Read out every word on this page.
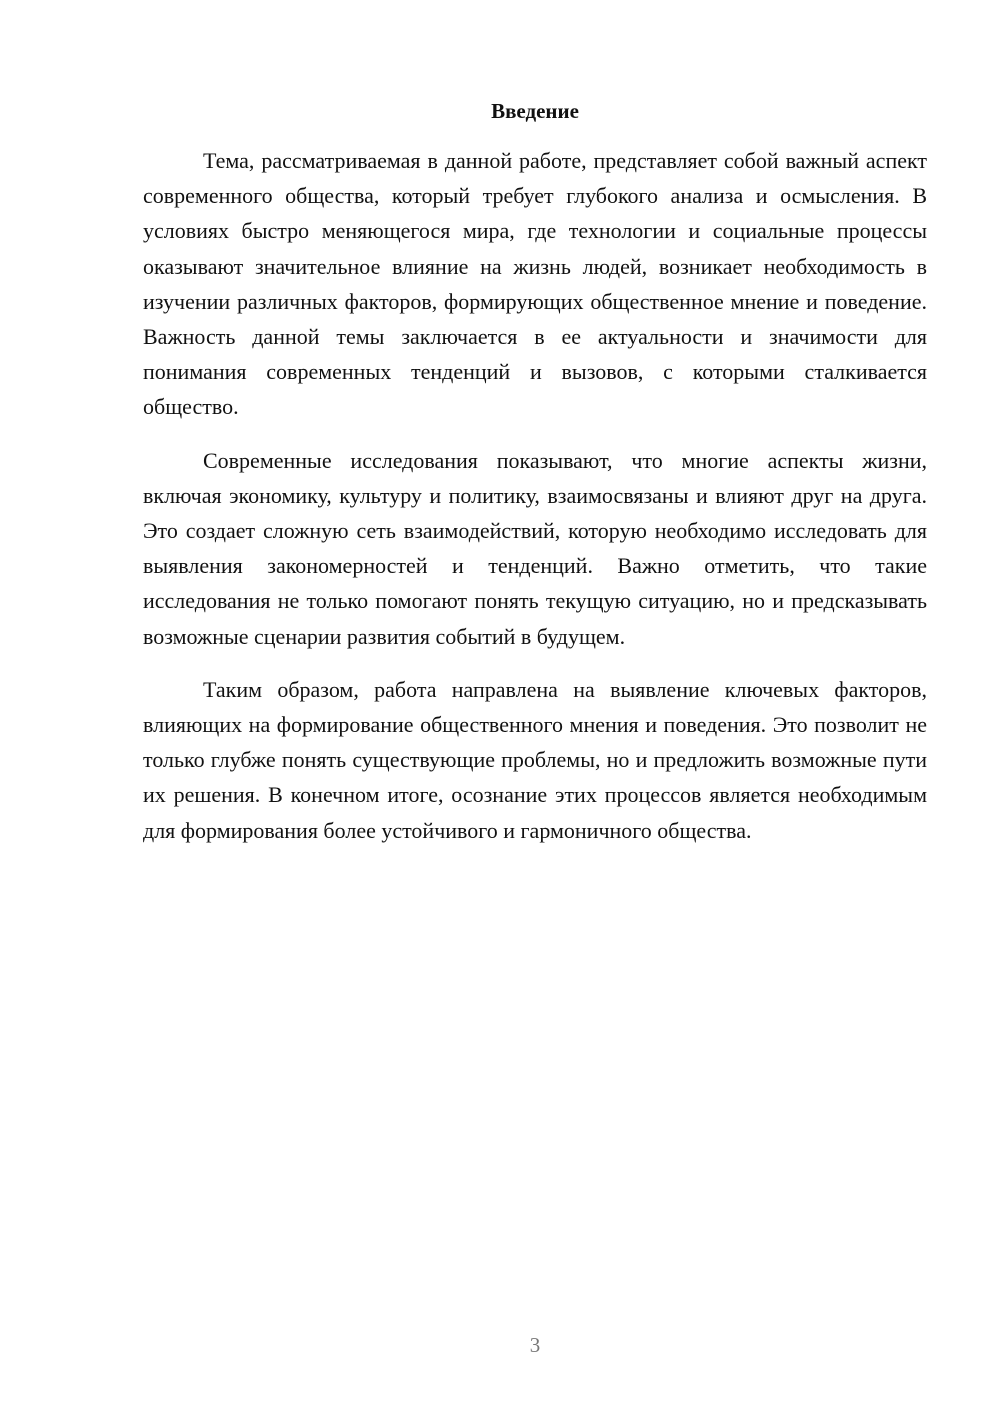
Введение

Тема, рассматриваемая в данной работе, представляет собой важный аспект современного общества, который требует глубокого анализа и осмысления. В условиях быстро меняющегося мира, где технологии и социальные процессы оказывают значительное влияние на жизнь людей, возникает необходимость в изучении различных факторов, формирующих общественное мнение и поведение. Важность данной темы заключается в ее актуальности и значимости для понимания современных тенденций и вызовов, с которыми сталкивается общество.

Современные исследования показывают, что многие аспекты жизни, включая экономику, культуру и политику, взаимосвязаны и влияют друг на друга. Это создает сложную сеть взаимодействий, которую необходимо исследовать для выявления закономерностей и тенденций. Важно отметить, что такие исследования не только помогают понять текущую ситуацию, но и предсказывать возможные сценарии развития событий в будущем.

Таким образом, работа направлена на выявление ключевых факторов, влияющих на формирование общественного мнения и поведения. Это позволит не только глубже понять существующие проблемы, но и предложить возможные пути их решения. В конечном итоге, осознание этих процессов является необходимым для формирования более устойчивого и гармоничного общества.

3
